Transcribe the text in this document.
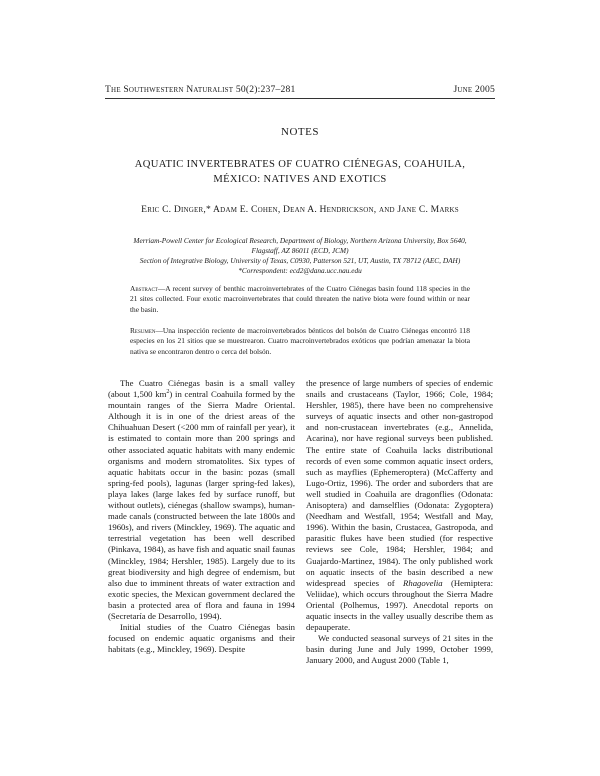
The Southwestern Naturalist 50(2):237–281	June 2005
NOTES
AQUATIC INVERTEBRATES OF CUATRO CIÉNEGAS, COAHUILA,
MÉXICO: NATIVES AND EXOTICS
Eric C. Dinger,* Adam E. Cohen, Dean A. Hendrickson, and Jane C. Marks
Merriam-Powell Center for Ecological Research, Department of Biology, Northern Arizona University, Box 5640,
Flagstaff, AZ 86011 (ECD, JCM)
Section of Integrative Biology, University of Texas, C0930, Patterson 521, UT, Austin, TX 78712 (AEC, DAH)
*Correspondent: ecd2@dana.ucc.nau.edu
Abstract—A recent survey of benthic macroinvertebrates of the Cuatro Ciénegas basin found 118 species in the 21 sites collected. Four exotic macroinvertebrates that could threaten the native biota were found within or near the basin.
Resumen—Una inspección reciente de macroinvertebrados bénticos del bolsón de Cuatro Ciénegas encontró 118 especies en los 21 sitios que se muestrearon. Cuatro macroinvertebrados exóticos que podrían amenazar la biota nativa se encontraron dentro o cerca del bolsón.

The Cuatro Ciénegas basin is a small valley (about 1,500 $km^2$) in central Coahuila formed by the mountain ranges of the Sierra Madre Oriental. Although it is in one of the driest areas of the Chihuahuan Desert (<200 mm of rainfall per year), it is estimated to contain more than 200 springs and other associated aquatic habitats with many endemic organisms and modern stromatolites. Six types of aquatic habitats occur in the basin: pozas (small spring-fed pools), lagunas (larger spring-fed lakes), playa lakes (large lakes fed by surface runoff, but without outlets), ciénegas (shallow swamps), human-made canals (constructed between the late 1800s and 1960s), and rivers (Minckley, 1969). The aquatic and terrestrial vegetation has been well described (Pinkava, 1984), as have fish and aquatic snail faunas (Minckley, 1984; Hershler, 1985). Largely due to its great biodiversity and high degree of endemism, but also due to imminent threats of water extraction and exotic species, the Mexican government declared the basin a protected area of flora and fauna in 1994 (Secretaría de Desarrollo, 1994).

Initial studies of the Cuatro Ciénegas basin focused on endemic aquatic organisms and their habitats (e.g., Minckley, 1969). Despite

the presence of large numbers of species of endemic snails and crustaceans (Taylor, 1966; Cole, 1984; Hershler, 1985), there have been no comprehensive surveys of aquatic insects and other non-gastropod and non-crustacean invertebrates (e.g., Annelida, Acarina), nor have regional surveys been published. The entire state of Coahuila lacks distributional records of even some common aquatic insect orders, such as mayflies (Ephemeroptera) (McCafferty and Lugo-Ortiz, 1996). The order and suborders that are well studied in Coahuila are dragonflies (Odonata: Anisoptera) and damselflies (Odonata: Zygoptera) (Needham and Westfall, 1954; Westfall and May, 1996). Within the basin, Crustacea, Gastropoda, and parasitic flukes have been studied (for respective reviews see Cole, 1984; Hershler, 1984; and Guajardo-Martinez, 1984). The only published work on aquatic insects of the basin described a new widespread species of Rhagovelia (Hemiptera: Veliidae), which occurs throughout the Sierra Madre Oriental (Polhemus, 1997). Anecdotal reports on aquatic insects in the valley usually describe them as depauperate.

We conducted seasonal surveys of 21 sites in the basin during June and July 1999, October 1999, January 2000, and August 2000 (Table 1,
